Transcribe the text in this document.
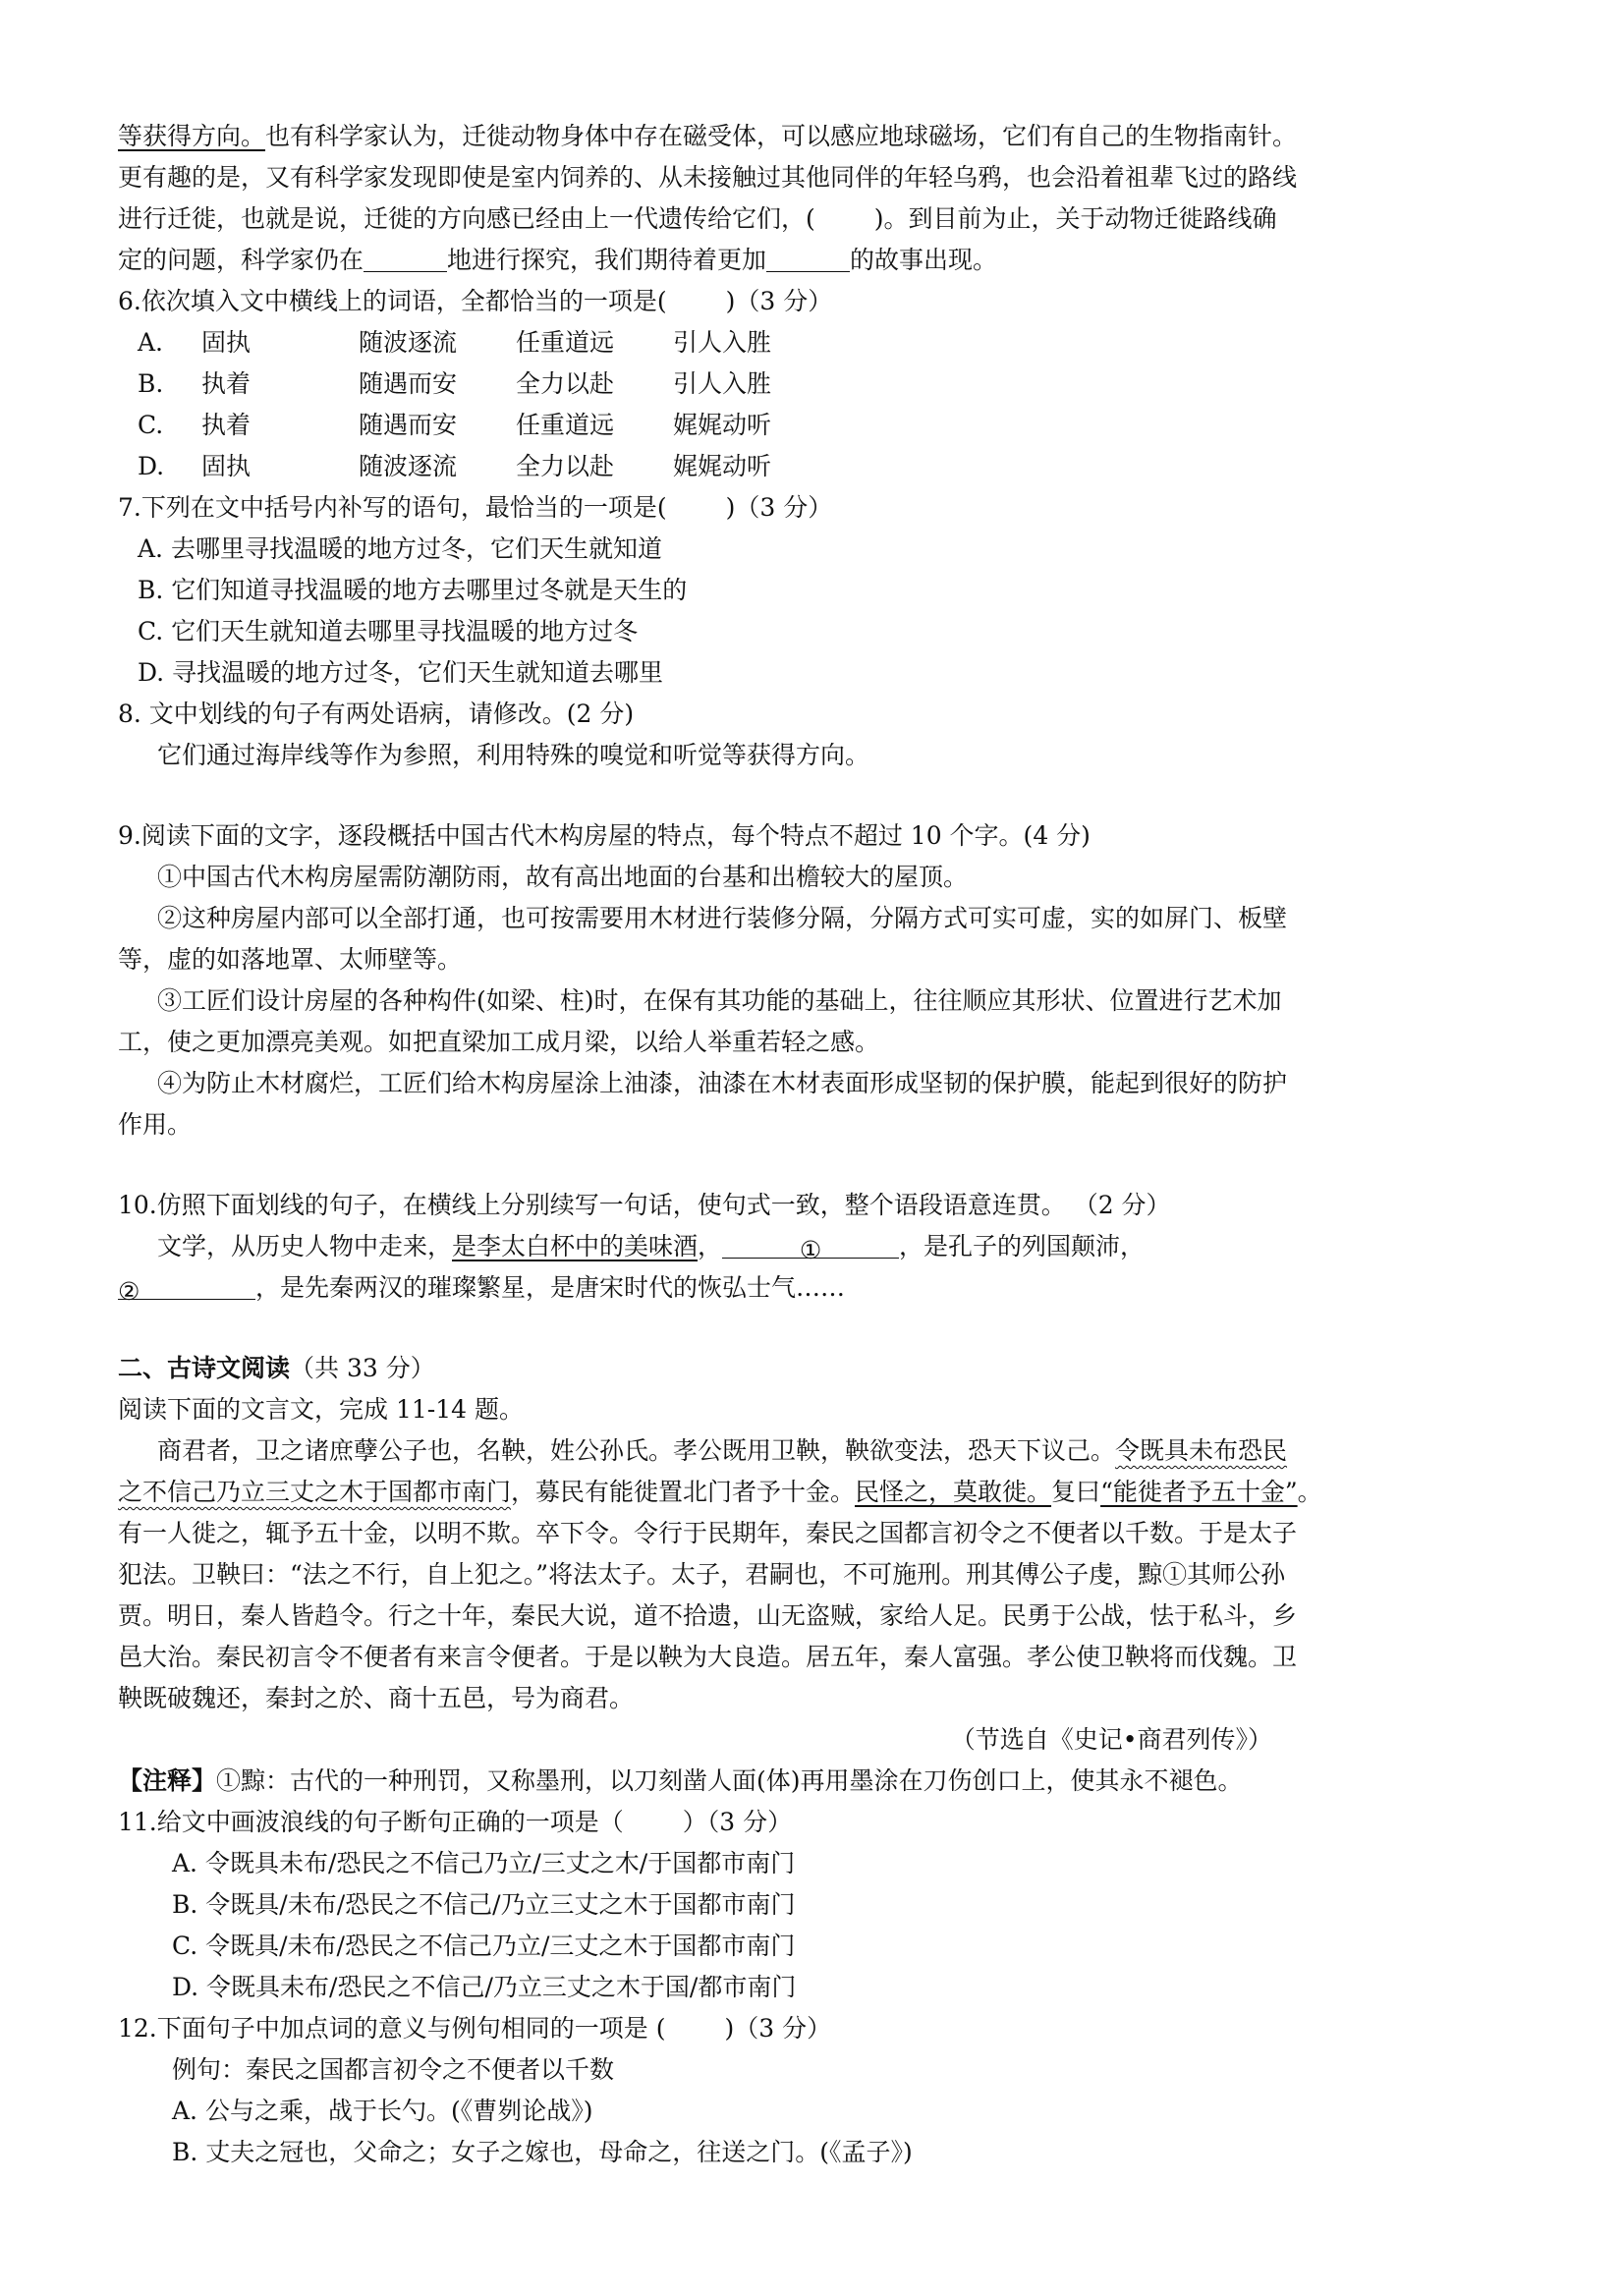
等获得方向。也有科学家认为，迁徙动物身体中存在磁受体，可以感应地球磁场，它们有自己的生物指南针。
更有趣的是，又有科学家发现即使是室内饲养的、从未接触过其他同伴的年轻乌鸦，也会沿着祖辈飞过的路线
进行迁徙，也就是说，迁徙的方向感已经由上一代遗传给它们，( )。到目前为止，关于动物迁徙路线确
定的问题，科学家仍在	地进行探究，我们期待着更加	的故事出现。
6.依次填入文中横线上的词语，全都恰当的一项是( )（3 分）
A. 固执	随波逐流 任重道远 引人入胜
B. 执着	随遇而安 全力以赴 引人入胜
C. 执着	随遇而安 任重道远 娓娓动听
D. 固执	随波逐流 全力以赴 娓娓动听
7.下列在文中括号内补写的语句，最恰当的一项是( )（3 分）
A. 去哪里寻找温暖的地方过冬，它们天生就知道
B. 它们知道寻找温暖的地方去哪里过冬就是天生的
C. 它们天生就知道去哪里寻找温暖的地方过冬
D. 寻找温暖的地方过冬，它们天生就知道去哪里
8. 文中划线的句子有两处语病，请修改。(2 分)
它们通过海岸线等作为参照，利用特殊的嗅觉和听觉等获得方向。
9.阅读下面的文字，逐段概括中国古代木构房屋的特点，每个特点不超过 10 个字。(4 分)
①中国古代木构房屋需防潮防雨，故有高出地面的台基和出檐较大的屋顶。
②这种房屋内部可以全部打通，也可按需要用木材进行装修分隔，分隔方式可实可虚，实的如屏门、板壁
等，虚的如落地罩、太师壁等。
③工匠们设计房屋的各种构件(如梁、柱)时，在保有其功能的基础上，往往顺应其形状、位置进行艺术加
工，使之更加漂亮美观。如把直梁加工成月梁，以给人举重若轻之感。
④为防止木材腐烂，工匠们给木构房屋涂上油漆，油漆在木材表面形成坚韧的保护膜，能起到很好的防护
作用。
10.仿照下面划线的句子，在横线上分别续写一句话，使句式一致，整个语段语意连贯。 （2 分）
文学，从历史人物中走来，是李太白杯中的美味酒，	①	，是孔子的列国颠沛，
②	，是先秦两汉的璀璨繁星，是唐宋时代的恢弘士气……
二、古诗文阅读（共 33 分）
阅读下面的文言文，完成 11-14 题。
商君者，卫之诸庶孽公子也，名鞅，姓公孙氏。孝公既用卫鞅，鞅欲变法，恐天下议己。令既具未布恐民
之不信己乃立三丈之木于国都市南门，募民有能徙置北门者予十金。民怪之，莫敢徙。复曰“能徙者予五十金”。
有一人徙之，辄予五十金，以明不欺。卒下令。令行于民期年，秦民之国都言初令之不便者以千数。于是太子
犯法。卫鞅曰：“法之不行，自上犯之。”将法太子。太子，君嗣也，不可施刑。刑其傅公子虔，黥①其师公孙
贾。明日，秦人皆趋令。行之十年，秦民大说，道不拾遗，山无盗贼，家给人足。民勇于公战，怯于私斗，乡
邑大治。秦民初言令不便者有来言令便者。于是以鞅为大良造。居五年，秦人富强。孝公使卫鞅将而伐魏。卫
鞅既破魏还，秦封之於、商十五邑，号为商君。
（节选自《史记•商君列传》）
【注释】①黥：古代的一种刑罚，又称墨刑，以刀刻凿人面(体)再用墨涂在刀伤创口上，使其永不褪色。
11.给文中画波浪线的句子断句正确的一项是（ ）（3 分）
A. 令既具未布/恐民之不信己乃立/三丈之木/于国都市南门
B. 令既具/未布/恐民之不信己/乃立三丈之木于国都市南门
C. 令既具/未布/恐民之不信己乃立/三丈之木于国都市南门
D. 令既具未布/恐民之不信己/乃立三丈之木于国/都市南门
12.下面句子中加点词的意义与例句相同的一项是 ( )（3 分）
例句：秦民之国都言初令之不便者以千数
A. 公与之乘，战于长勺。(《曹刿论战》)
B. 丈夫之冠也，父命之；女子之嫁也，母命之，往送之门。(《孟子》)
